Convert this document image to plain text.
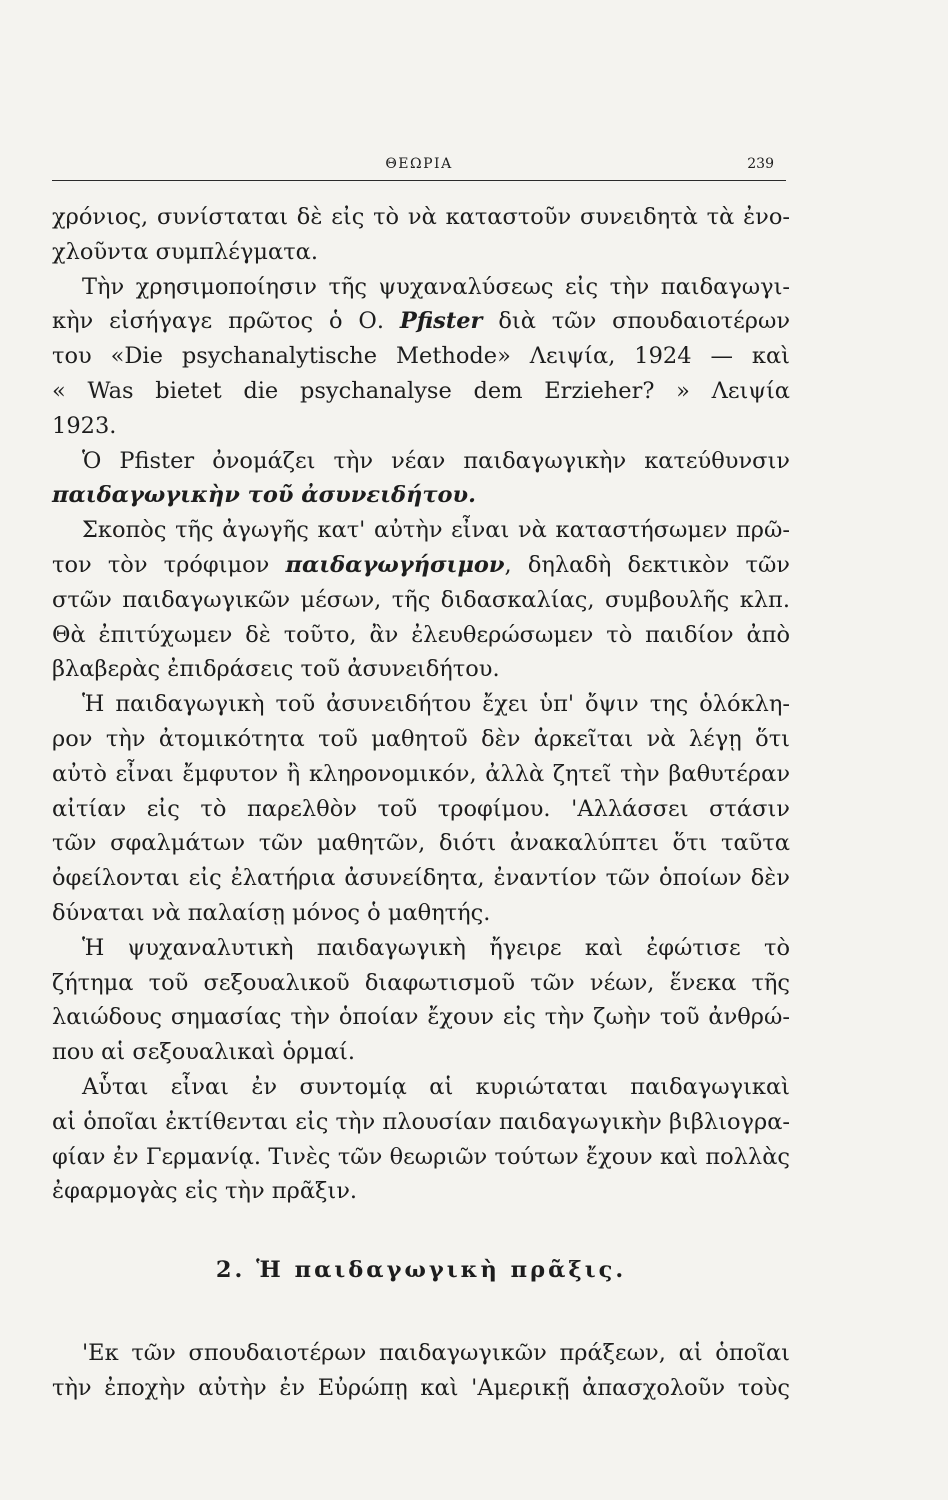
ΘΕΩΡΙΑ	239
χρόνιος, συνίσταται δὲ εἰς τὸ νὰ καταστοῦν συνειδητὰ τὰ ἐνο-
χλοῦντα συμπλέγματα.
Τὴν χρησιμοποίησιν τῆς ψυχαναλύσεως εἰς τὴν παιδαγωγι-
κὴν εἰσήγαγε πρῶτος ὁ Ο. Pfister διὰ τῶν σπουδαιοτέρων
του «Die psychanalytische Methode» Λειψία, 1924 — καὶ
« Was bietet die psychanalyse dem Erzieher? » Λειψία
1923.
Ὁ Pfister ὀνομάζει τὴν νέαν παιδαγωγικὴν κατεύθυνσιν
παιδαγωγικὴν τοῦ ἀσυνειδήτου.
Σκοπὸς τῆς ἀγωγῆς κατ' αὐτὴν εἶναι νὰ καταστήσωμεν πρῶ-
τον τὸν τρόφιμον παιδαγωγήσιμον, δηλαδὴ δεκτικὸν τῶν
στῶν παιδαγωγικῶν μέσων, τῆς διδασκαλίας, συμβουλῆς κλπ.
Θὰ ἐπιτύχωμεν δὲ τοῦτο, ἂν ἐλευθερώσωμεν τὸ παιδίον ἀπὸ
βλαβερὰς ἐπιδράσεις τοῦ ἀσυνειδήτου.
Ἡ παιδαγωγικὴ τοῦ ἀσυνειδήτου ἔχει ὑπ' ὄψιν της ὁλόκλη-
ρον τὴν ἀτομικότητα τοῦ μαθητοῦ δὲν ἀρκεῖται νὰ λέγῃ ὅτι
αὐτὸ εἶναι ἔμφυτον ἢ κληρονομικόν, ἀλλὰ ζητεῖ τὴν βαθυτέραν
αἰτίαν εἰς τὸ παρελθὸν τοῦ τροφίμου. 'Αλλάσσει στάσιν
τῶν σφαλμάτων τῶν μαθητῶν, διότι ἀνακαλύπτει ὅτι ταῦτα
ὀφείλονται εἰς ἐλατήρια ἀσυνείδητα, ἐναντίον τῶν ὁποίων δὲν
δύναται νὰ παλαίσῃ μόνος ὁ μαθητής.
Ἡ ψυχαναλυτικὴ παιδαγωγικὴ ἤγειρε καὶ ἐφώτισε τὸ
ζήτημα τοῦ σεξουαλικοῦ διαφωτισμοῦ τῶν νέων, ἕνεκα τῆς
λαιώδους σημασίας τὴν ὁποίαν ἔχουν εἰς τὴν ζωὴν τοῦ ἀνθρώ-
που αἱ σεξουαλικαὶ ὁρμαί.
Αὗται εἶναι ἐν συντομίᾳ αἱ κυριώταται παιδαγωγικαὶ
αἱ ὁποῖαι ἐκτίθενται εἰς τὴν πλουσίαν παιδαγωγικὴν βιβλιογρα-
φίαν ἐν Γερμανίᾳ. Τινὲς τῶν θεωριῶν τούτων ἔχουν καὶ πολλὰς
ἐφαρμογὰς εἰς τὴν πρᾶξιν.
2. Ἡ παιδαγωγικὴ πρᾶξις.
'Εκ τῶν σπουδαιοτέρων παιδαγωγικῶν πράξεων, αἱ ὁποῖαι
τὴν ἐποχὴν αὐτὴν ἐν Εὐρώπῃ καὶ 'Αμερικῇ ἀπασχολοῦν τοὺς
